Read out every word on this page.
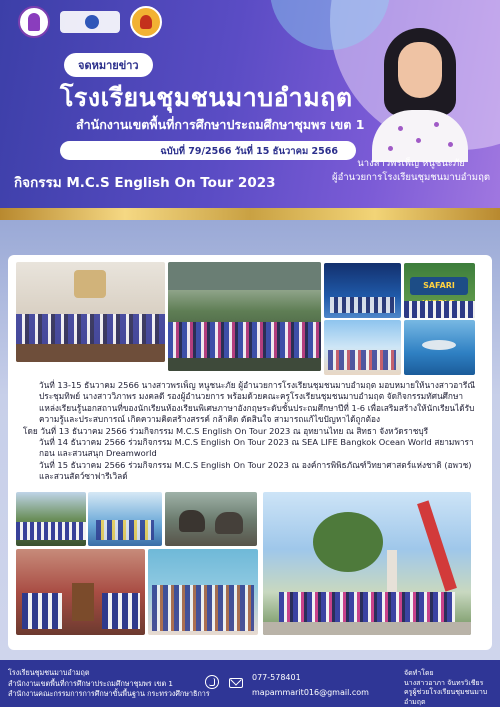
จดหมายข่าว
โรงเรียนชุมชนมาบอำมฤต
สำนักงานเขตพื้นที่การศึกษาประถมศึกษาชุมพร เขต 1
ฉบับที่ 79/2566 วันที่ 15 ธันวาคม 2566
กิจกรรม M.C.S English On Tour 2023
นางสาวพรเพ็ญ หนูชนะภัย
ผู้อำนวยการโรงเรียนชุมชนมาบอำมฤต
SAFARI

วันที่ 13-15 ธันวาคม 2566 นางสาวพรเพ็ญ หนูชนะภัย ผู้อำนวยการโรงเรียนชุมชนมาบอำมฤต มอบหมายให้นางสาวอารีณี ประชุมทิพย์ นางสาววิภาพร มงคลดี รองผู้อำนวยการ พร้อมด้วยคณะครูโรงเรียนชุมชนมาบอำมฤต จัดกิจกรรมทัศนศึกษาแหล่งเรียนรู้นอกสถานที่ของนักเรียนห้องเรียนพิเศษภาษาอังกฤษระดับชั้นประถมศึกษาปีที่ 1-6 เพื่อเสริมสร้างให้นักเรียนได้รับความรู้และประสบการณ์ เกิดความคิดสร้างสรรค์ กล้าคิด ตัดสินใจ สามารถแก้ไขปัญหาได้ถูกต้อง

โดย วันที่ 13 ธันวาคม 2566 ร่วมกิจกรรม M.C.S English On Tour 2023 ณ อุทยานไทย ณ สิทธา จังหวัดราชบุรี

วันที่ 14 ธันวาคม 2566 ร่วมกิจกรรม M.C.S English On Tour 2023 ณ SEA LIFE Bangkok Ocean World สยามพารากอน และสวนสนุก Dreamworld

วันที่ 15 ธันวาคม 2566 ร่วมกิจกรรม M.C.S English On Tour 2023 ณ องค์การพิพิธภัณฑ์วิทยาศาสตร์แห่งชาติ (อพวช) และสวนสัตว์ซาฟารีเวิลด์

โรงเรียนชุมชนมาบอำมฤต
สำนักงานเขตพื้นที่การศึกษาประถมศึกษาชุมพร เขต 1
สำนักงานคณะกรรมการการศึกษาขั้นพื้นฐาน กระทรวงศึกษาธิการ
077-578401
mapammarit016@gmail.com
จัดทำโดย
นางสาวอาภา จันทรวิเชียร
ครูผู้ช่วยโรงเรียนชุมชนมาบอำมฤต
